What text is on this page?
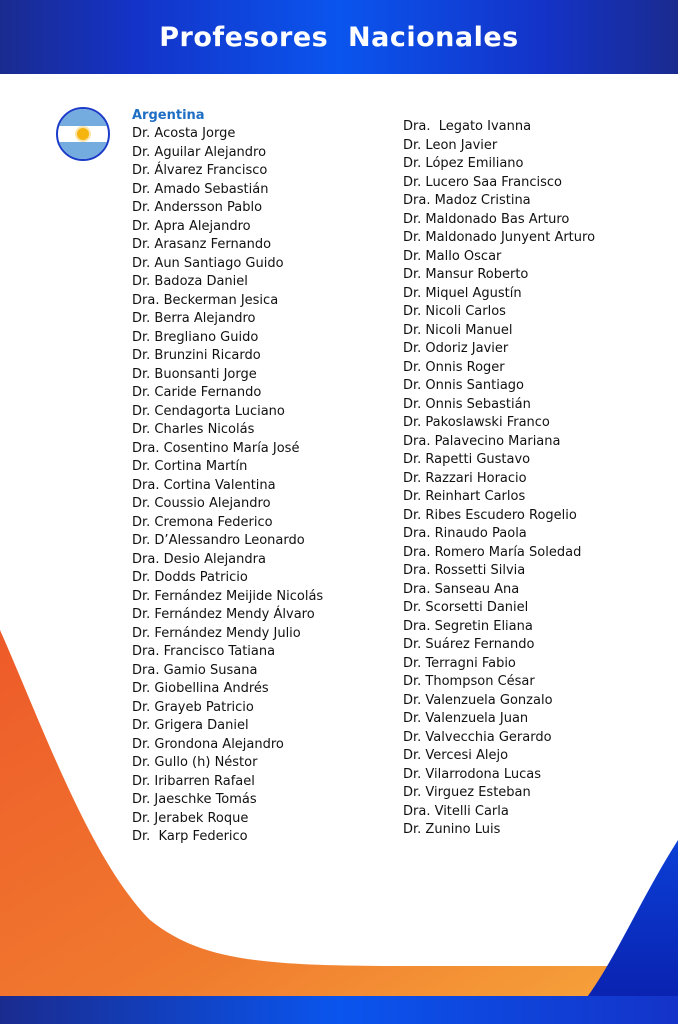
Profesores  Nacionales
Argentina
Dr. Acosta Jorge
Dr. Aguilar Alejandro
Dr. Álvarez Francisco
Dr. Amado Sebastián
Dr. Andersson Pablo
Dr. Apra Alejandro
Dr. Arasanz Fernando
Dr. Aun Santiago Guido
Dr. Badoza Daniel
Dra. Beckerman Jesica
Dr. Berra Alejandro
Dr. Bregliano Guido
Dr. Brunzini Ricardo
Dr. Buonsanti Jorge
Dr. Caride Fernando
Dr. Cendagorta Luciano
Dr. Charles Nicolás
Dra. Cosentino María José
Dr. Cortina Martín
Dra. Cortina Valentina
Dr. Coussio Alejandro
Dr. Cremona Federico
Dr. D’Alessandro Leonardo
Dra. Desio Alejandra
Dr. Dodds Patricio
Dr. Fernández Meijide Nicolás
Dr. Fernández Mendy Álvaro
Dr. Fernández Mendy Julio
Dra. Francisco Tatiana
Dra. Gamio Susana
Dr. Giobellina Andrés
Dr. Grayeb Patricio
Dr. Grigera Daniel
Dr. Grondona Alejandro
Dr. Gullo (h) Néstor
Dr. Iribarren Rafael
Dr. Jaeschke Tomás
Dr. Jerabek Roque
Dr.  Karp Federico
Dra.  Legato Ivanna
Dr. Leon Javier
Dr. López Emiliano
Dr. Lucero Saa Francisco
Dra. Madoz Cristina
Dr. Maldonado Bas Arturo
Dr. Maldonado Junyent Arturo
Dr. Mallo Oscar
Dr. Mansur Roberto
Dr. Miquel Agustín
Dr. Nicoli Carlos
Dr. Nicoli Manuel
Dr. Odoriz Javier
Dr. Onnis Roger
Dr. Onnis Santiago
Dr. Onnis Sebastián
Dr. Pakoslawski Franco
Dra. Palavecino Mariana
Dr. Rapetti Gustavo
Dr. Razzari Horacio
Dr. Reinhart Carlos
Dr. Ribes Escudero Rogelio
Dra. Rinaudo Paola
Dra. Romero María Soledad
Dra. Rossetti Silvia
Dra. Sanseau Ana
Dr. Scorsetti Daniel
Dra. Segretin Eliana
Dr. Suárez Fernando
Dr. Terragni Fabio
Dr. Thompson César
Dr. Valenzuela Gonzalo
Dr. Valenzuela Juan
Dr. Valvecchia Gerardo
Dr. Vercesi Alejo
Dr. Vilarrodona Lucas
Dr. Virguez Esteban
Dra. Vitelli Carla
Dr. Zunino Luis
